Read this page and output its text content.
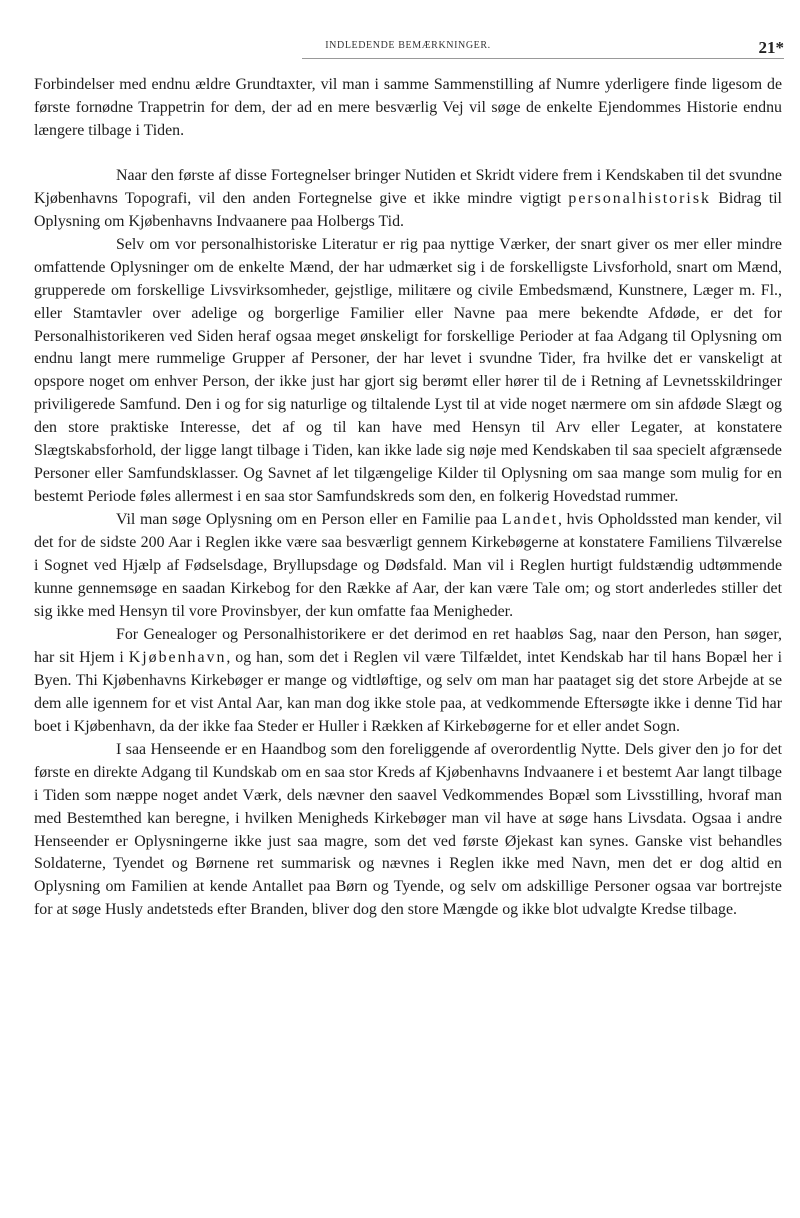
INDLEDENDE BEMÆRKNINGER.	21*

Forbindelser med endnu ældre Grundtaxter, vil man i samme Sammenstilling af Numre yderligere finde ligesom de første fornødne Trappetrin for dem, der ad en mere besværlig Vej vil søge de enkelte Ejendommes Historie endnu længere tilbage i Tiden.

Naar den første af disse Fortegnelser bringer Nutiden et Skridt videre frem i Kendskaben til det svundne Kjøbenhavns Topografi, vil den anden Fortegnelse give et ikke mindre vigtigt personalhistorisk Bidrag til Oplysning om Kjøbenhavns Indvaanere paa Holbergs Tid.

Selv om vor personalhistoriske Literatur er rig paa nyttige Værker, der snart giver os mer eller mindre omfattende Oplysninger om de enkelte Mænd, der har udmærket sig i de forskelligste Livsforhold, snart om Mænd, grupperede om forskellige Livsvirksomheder, gejstlige, militære og civile Embedsmænd, Kunstnere, Læger m. Fl., eller Stamtavler over adelige og borgerlige Familier eller Navne paa mere bekendte Afdøde, er det for Personalhistorikeren ved Siden heraf ogsaa meget ønskeligt for forskellige Perioder at faa Adgang til Oplysning om endnu langt mere rummelige Grupper af Personer, der har levet i svundne Tider, fra hvilke det er vanskeligt at opspore noget om enhver Person, der ikke just har gjort sig berømt eller hører til de i Retning af Levnetsskildringer priviligerede Samfund. Den i og for sig naturlige og tiltalende Lyst til at vide noget nærmere om sin afdøde Slægt og den store praktiske Interesse, det af og til kan have med Hensyn til Arv eller Legater, at konstatere Slægtskabsforhold, der ligge langt tilbage i Tiden, kan ikke lade sig nøje med Kendskaben til saa specielt afgrænsede Personer eller Samfundsklasser. Og Savnet af let tilgængelige Kilder til Oplysning om saa mange som mulig for en bestemt Periode føles allermest i en saa stor Samfundskreds som den, en folkerig Hovedstad rummer.

Vil man søge Oplysning om en Person eller en Familie paa Landet, hvis Opholdssted man kender, vil det for de sidste 200 Aar i Reglen ikke være saa besværligt gennem Kirkebøgerne at konstatere Familiens Tilværelse i Sognet ved Hjælp af Fødselsdage, Bryllupsdage og Dødsfald. Man vil i Reglen hurtigt fuldstændig udtømmende kunne gennemsøge en saadan Kirkebog for den Række af Aar, der kan være Tale om; og stort anderledes stiller det sig ikke med Hensyn til vore Provinsbyer, der kun omfatte faa Menigheder.

For Genealoger og Personalhistorikere er det derimod en ret haabløs Sag, naar den Person, han søger, har sit Hjem i Kjøbenhavn, og han, som det i Reglen vil være Tilfældet, intet Kendskab har til hans Bopæl her i Byen. Thi Kjøbenhavns Kirkebøger er mange og vidtløftige, og selv om man har paataget sig det store Arbejde at se dem alle igennem for et vist Antal Aar, kan man dog ikke stole paa, at vedkommende Eftersøgte ikke i denne Tid har boet i Kjøbenhavn, da der ikke faa Steder er Huller i Rækken af Kirkebøgerne for et eller andet Sogn.

I saa Henseende er en Haandbog som den foreliggende af overordentlig Nytte. Dels giver den jo for det første en direkte Adgang til Kundskab om en saa stor Kreds af Kjøbenhavns Indvaanere i et bestemt Aar langt tilbage i Tiden som næppe noget andet Værk, dels nævner den saavel Vedkommendes Bopæl som Livsstilling, hvoraf man med Bestemthed kan beregne, i hvilken Menigheds Kirkebøger man vil have at søge hans Livsdata. Ogsaa i andre Henseender er Oplysningerne ikke just saa magre, som det ved første Øjekast kan synes. Ganske vist behandles Soldaterne, Tyendet og Børnene ret summarisk og nævnes i Reglen ikke med Navn, men det er dog altid en Oplysning om Familien at kende Antallet paa Børn og Tyende, og selv om adskillige Personer ogsaa var bortrejste for at søge Husly andetsteds efter Branden, bliver dog den store Mængde og ikke blot udvalgte Kredse tilbage.
